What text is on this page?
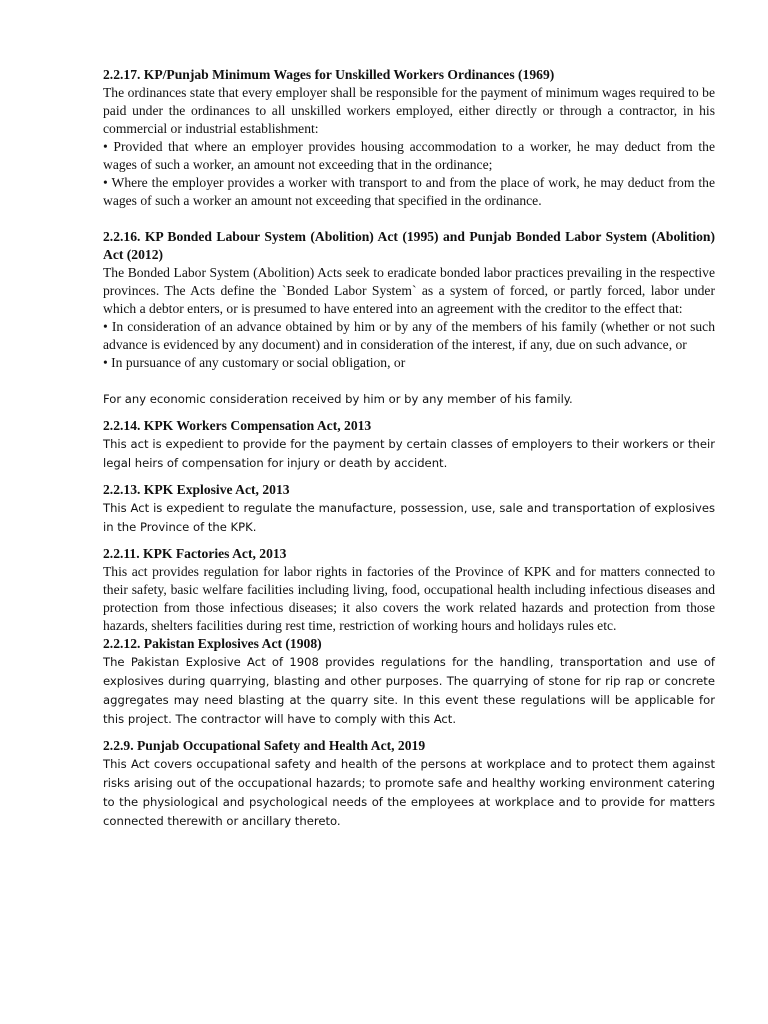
2.2.17. KP/Punjab Minimum Wages for Unskilled Workers Ordinances (1969)

The ordinances state that every employer shall be responsible for the payment of minimum wages required to be paid under the ordinances to all unskilled workers employed, either directly or through a contractor, in his commercial or industrial establishment:

• Provided that where an employer provides housing accommodation to a worker, he may deduct from the wages of such a worker, an amount not exceeding that in the ordinance;

• Where the employer provides a worker with transport to and from the place of work, he may deduct from the wages of such a worker an amount not exceeding that specified in the ordinance.

2.2.16. KP Bonded Labour System (Abolition) Act (1995) and Punjab Bonded Labor System (Abolition) Act (2012)

The Bonded Labor System (Abolition) Acts seek to eradicate bonded labor practices prevailing in the respective provinces. The Acts define the `Bonded Labor System` as a system of forced, or partly forced, labor under which a debtor enters, or is presumed to have entered into an agreement with the creditor to the effect that:

• In consideration of an advance obtained by him or by any of the members of his family (whether or not such advance is evidenced by any document) and in consideration of the interest, if any, due on such advance, or

• In pursuance of any customary or social obligation, or

For any economic consideration received by him or by any member of his family.

2.2.14. KPK Workers Compensation Act, 2013

This act is expedient to provide for the payment by certain classes of employers to their workers or their legal heirs of compensation for injury or death by accident.

2.2.13. KPK Explosive Act, 2013

This Act is expedient to regulate the manufacture, possession, use, sale and transportation of explosives in the Province of the KPK.

2.2.11. KPK Factories Act, 2013

This act provides regulation for labor rights in factories of the Province of KPK and for matters connected to their safety, basic welfare facilities including living, food, occupational health including infectious diseases and protection from those infectious diseases; it also covers the work related hazards and protection from those hazards, shelters facilities during rest time, restriction of working hours and holidays rules etc.

2.2.12. Pakistan Explosives Act (1908)

The Pakistan Explosive Act of 1908 provides regulations for the handling, transportation and use of explosives during quarrying, blasting and other purposes. The quarrying of stone for rip rap or concrete aggregates may need blasting at the quarry site. In this event these regulations will be applicable for this project. The contractor will have to comply with this Act.

2.2.9. Punjab Occupational Safety and Health Act, 2019

This Act covers occupational safety and health of the persons at workplace and to protect them against risks arising out of the occupational hazards; to promote safe and healthy working environment catering to the physiological and psychological needs of the employees at workplace and to provide for matters connected therewith or ancillary thereto.
